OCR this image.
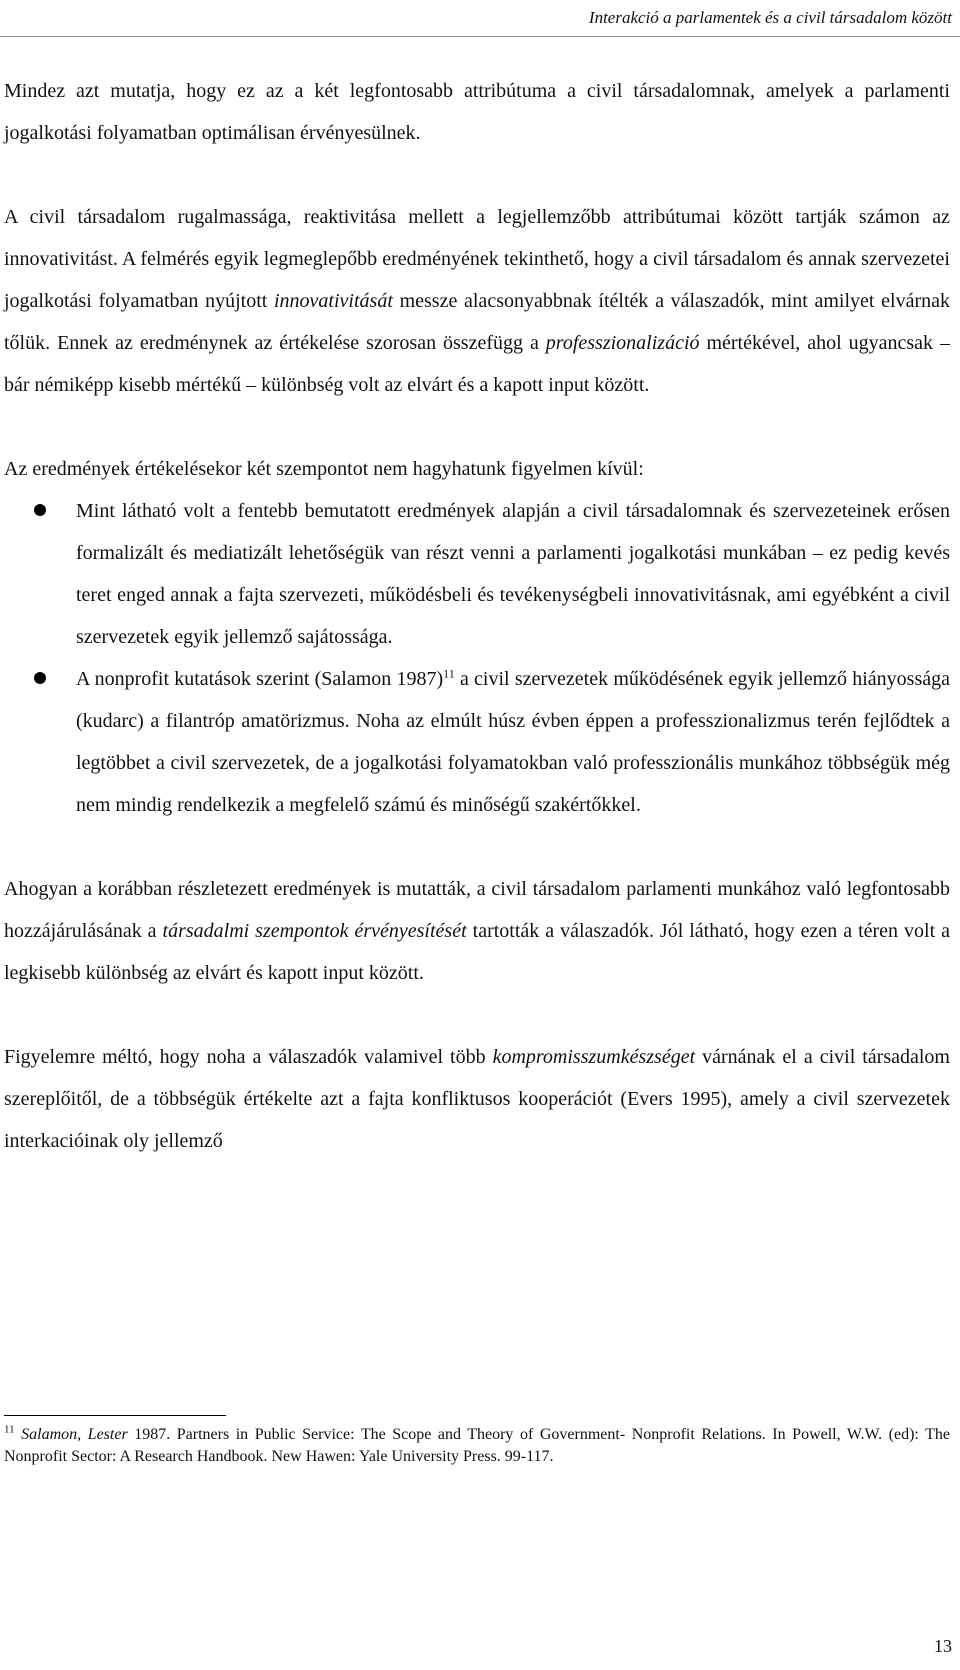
Interakció a parlamentek és a civil társadalom között

Mindez azt mutatja, hogy ez az a két legfontosabb attribútuma a civil társadalomnak, amelyek a parlamenti jogalkotási folyamatban optimálisan érvényesülnek.

A civil társadalom rugalmassága, reaktivitása mellett a legjellemzőbb attribútumai között tartják számon az innovativitást. A felmérés egyik legmeglepőbb eredményének tekinthető, hogy a civil társadalom és annak szervezetei jogalkotási folyamatban nyújtott innovativitását messze alacsonyabbnak ítélték a válaszadók, mint amilyet elvárnak tőlük. Ennek az eredménynek az értékelése szorosan összefügg a professzionalizáció mértékével, ahol ugyancsak – bár némiképp kisebb mértékű – különbség volt az elvárt és a kapott input között.

Az eredmények értékelésekor két szempontot nem hagyhatunk figyelmen kívül:

Mint látható volt a fentebb bemutatott eredmények alapján a civil társadalomnak és szervezeteinek erősen formalizált és mediatizált lehetőségük van részt venni a parlamenti jogalkotási munkában – ez pedig kevés teret enged annak a fajta szervezeti, működésbeli és tevékenységbeli innovativitásnak, ami egyébként a civil szervezetek egyik jellemző sajátossága.
A nonprofit kutatások szerint (Salamon 1987)$^{11}$ a civil szervezetek működésének egyik jellemző hiányossága (kudarc) a filantróp amatörizmus. Noha az elmúlt húsz évben éppen a professzionalizmus terén fejlődtek a legtöbbet a civil szervezetek, de a jogalkotási folyamatokban való professzionális munkához többségük még nem mindig rendelkezik a megfelelő számú és minőségű szakértőkkel.

Ahogyan a korábban részletezett eredmények is mutatták, a civil társadalom parlamenti munkához való legfontosabb hozzájárulásának a társadalmi szempontok érvényesítését tartották a válaszadók. Jól látható, hogy ezen a téren volt a legkisebb különbség az elvárt és kapott input között.

Figyelemre méltó, hogy noha a válaszadók valamivel több kompromisszumkészséget várnának el a civil társadalom szereplőitől, de a többségük értékelte azt a fajta konfliktusos kooperációt (Evers 1995), amely a civil szervezetek interkacióinak oly jellemző

$^{11}$ Salamon, Lester 1987. Partners in Public Service: The Scope and Theory of Government- Nonprofit Relations. In Powell, W.W. (ed): The Nonprofit Sector: A Research Handbook. New Hawen: Yale University Press. 99-117.
13
